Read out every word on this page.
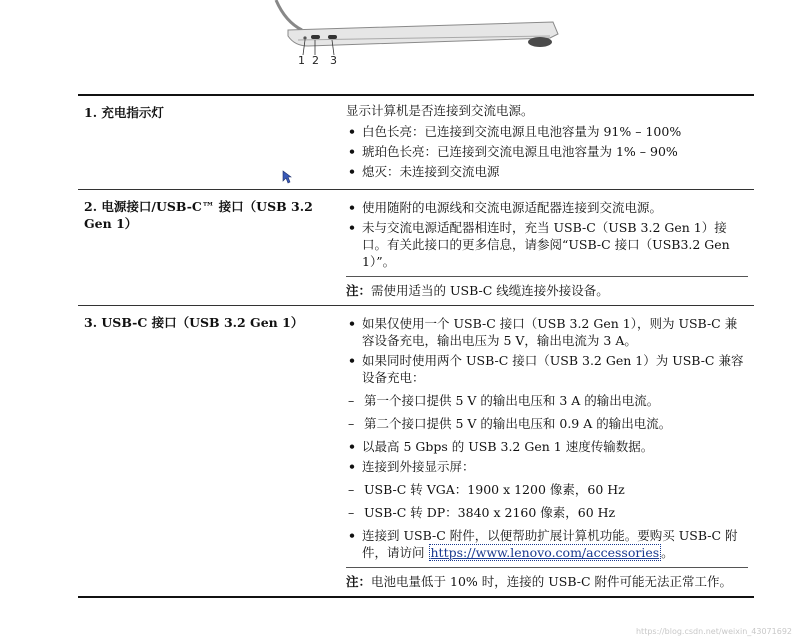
1 2 3
1. 充电指示灯	显示计算机是否连接到交流电源。

• 白色长亮：已连接到交流电源且电池容量为 91% – 100%
• 琥珀色长亮：已连接到交流电源且电池容量为 1% – 90%
• 熄灭：未连接到交流电源
2. 电源接口/USB-C™ 接口（USB 3.2 Gen 1）
• 使用随附的电源线和交流电源适配器连接到交流电源。
• 未与交流电源适配器相连时，充当 USB-C（USB 3.2 Gen 1）接口。有关此接口的更多信息，请参阅“USB-C 接口（USB3.2 Gen 1）”。
注：需使用适当的 USB-C 线缆连接外接设备。
3. USB-C 接口（USB 3.2 Gen 1）
•	如果仅使用一个 USB-C 接口（USB 3.2 Gen 1），则为 USB-C 兼容设备充电，输出电压为 5 V，输出电流为 3 A。
• 如果同时使用两个 USB-C 接口（USB 3.2 Gen 1）为 USB-C 兼容设备充电：
– 第一个接口提供 5 V 的输出电压和 3 A 的输出电流。
– 第二个接口提供 5 V 的输出电压和 0.9 A 的输出电流。
• 以最高 5 Gbps 的 USB 3.2 Gen 1 速度传输数据。
• 连接到外接显示屏：
– USB-C 转 VGA：1900 x 1200 像素，60 Hz
– USB-C 转 DP：3840 x 2160 像素，60 Hz
• 连接到 USB-C 附件，以便帮助扩展计算机功能。要购买 USB-C 附件，请访问 https://www.lenovo.com/accessories 。
注：电池电量低于 10% 时，连接的 USB-C 附件可能无法正常工作。
https://blog.csdn.net/weixin_43071692
